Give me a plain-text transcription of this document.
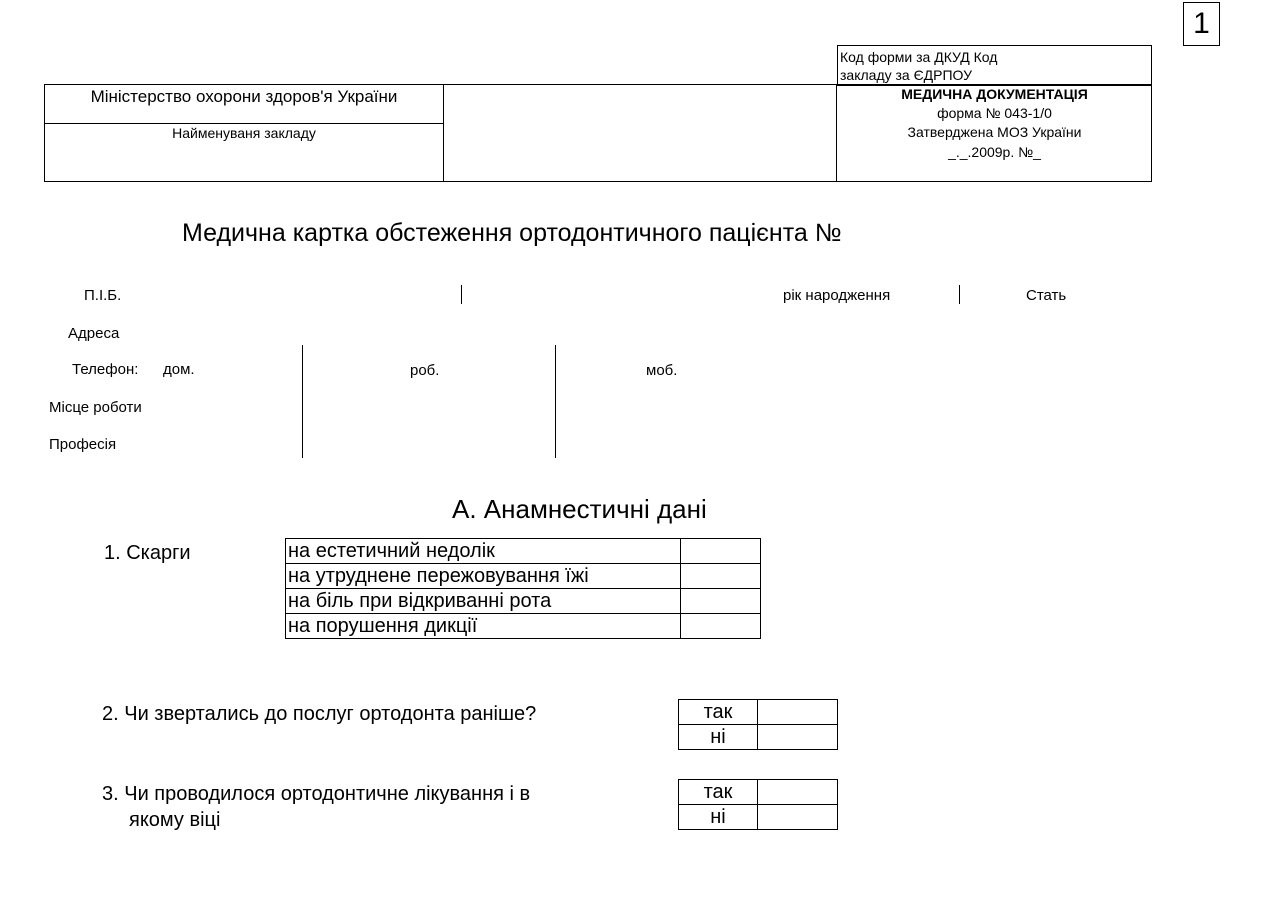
1
Код форми за ДКУД Код закладу за ЄДРПОУ
Міністерство охорони здоров'я України
Найменуваня закладу
МЕДИЧНА ДОКУМЕНТАЦІЯ
форма № 043-1/0
Затверджена МОЗ України
_._.2009р. №_
Медична картка обстеження ортодонтичного пацієнта №
П.І.Б.	рік народження	Стать
Адреса
Телефон: дом.	роб.	моб.
Місце роботи
Професія
А. Анамнестичні дані
1. Скарги	на естетичний недолік	
на утруднене пережовування їжі	
на біль при відкриванні рота	
на порушення дикції	
2. Чи звертались до послуг ортодонта раніше?	так	
ні	
3. Чи проводилося ортодонтичне лікування і в
якому віці
так	
ні	
